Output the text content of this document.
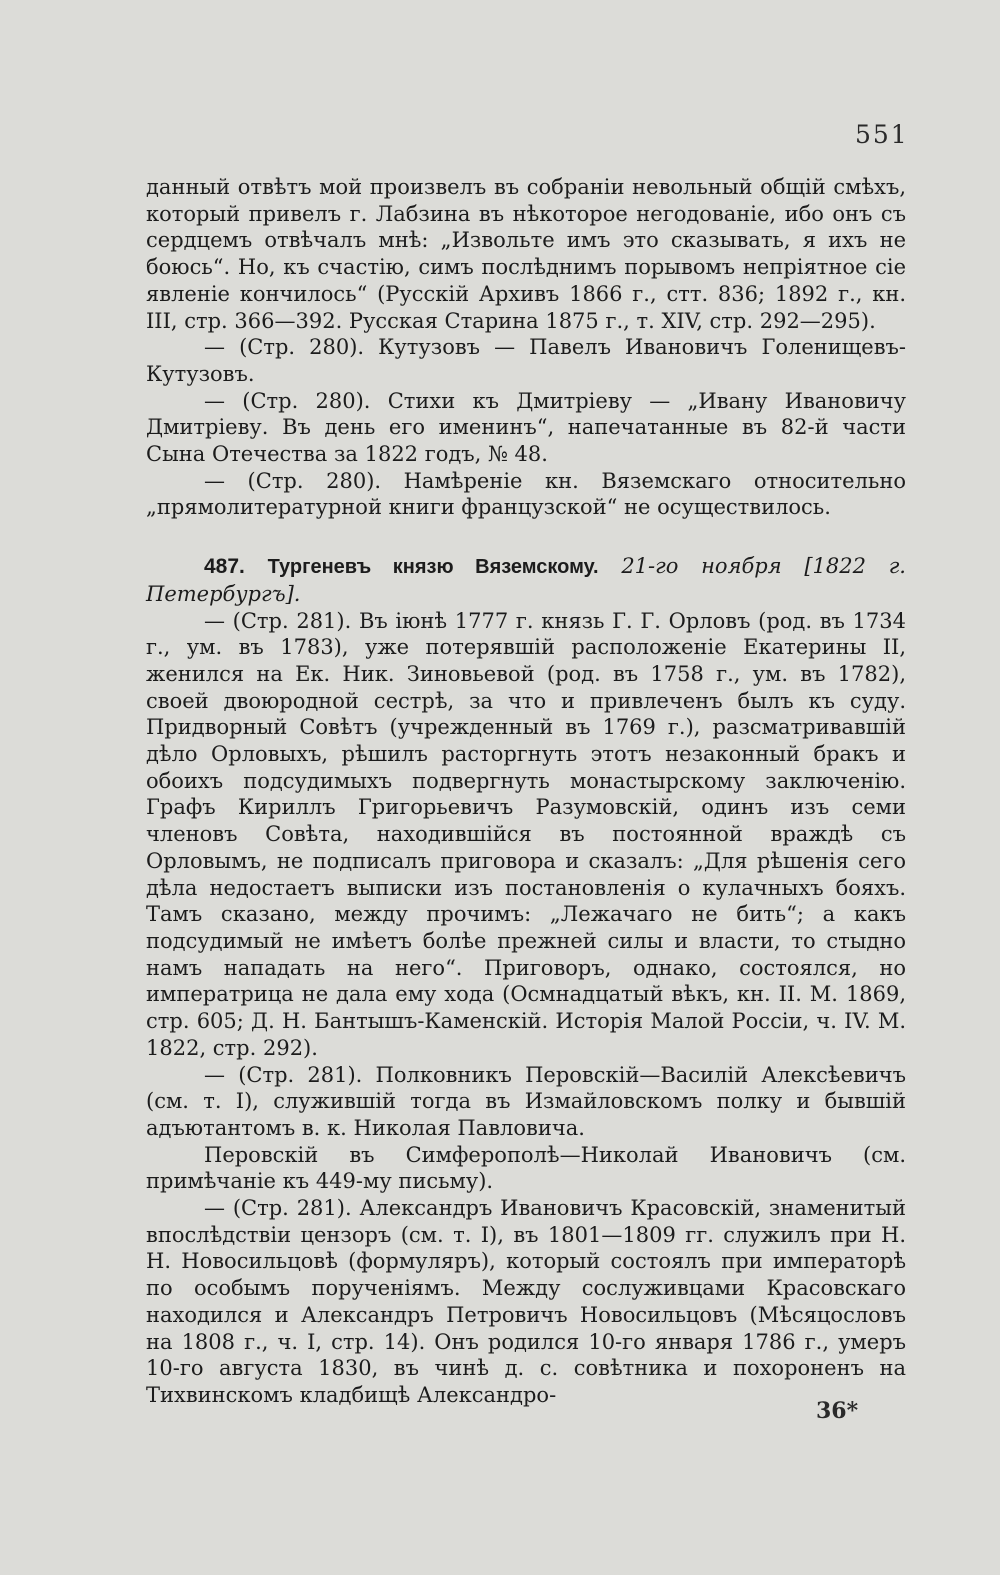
551

данный отвѣтъ мой произвелъ въ собраніи невольный общій смѣхъ, который привелъ г. Лабзина въ нѣкоторое негодованіе, ибо онъ съ сердцемъ отвѣчалъ мнѣ: „Извольте имъ это сказывать, я ихъ не боюсь“. Но, къ счастію, симъ послѣднимъ порывомъ непріятное сіе явленіе кончилось“ (Русскій Архивъ 1866 г., стт. 836; 1892 г., кн. III, стр. 366—392. Русская Старина 1875 г., т. XIV, стр. 292—295).

— (Стр. 280). Кутузовъ — Павелъ Ивановичъ Голенищевъ-Кутузовъ.

— (Стр. 280). Стихи къ Дмитріеву — „Ивану Ивановичу Дмитріеву. Въ день его именинъ“, напечатанные въ 82-й части Сына Отечества за 1822 годъ, № 48.

— (Стр. 280). Намѣреніе кн. Вяземскаго относительно „прямолитературной книги французской“ не осуществилось.

487. Тургеневъ князю Вяземскому. 21-го ноября [1822 г. Петербургъ].

— (Стр. 281). Въ іюнѣ 1777 г. князь Г. Г. Орловъ (род. въ 1734 г., ум. въ 1783), уже потерявшій расположеніе Екатерины II, женился на Ек. Ник. Зиновьевой (род. въ 1758 г., ум. въ 1782), своей двоюродной сестрѣ, за что и привлеченъ былъ къ суду. Придворный Совѣтъ (учрежденный въ 1769 г.), разсматривавшій дѣло Орловыхъ, рѣшилъ расторгнуть этотъ незаконный бракъ и обоихъ подсудимыхъ подвергнуть монастырскому заключенію. Графъ Кириллъ Григорьевичъ Разумовскій, одинъ изъ семи членовъ Совѣта, находившійся въ постоянной враждѣ съ Орловымъ, не подписалъ приговора и сказалъ: „Для рѣшенія сего дѣла недостаетъ выписки изъ постановленія о кулачныхъ бояхъ. Тамъ сказано, между прочимъ: „Лежачаго не бить“; а какъ подсудимый не имѣетъ болѣе прежней силы и власти, то стыдно намъ нападать на него“. Приговоръ, однако, состоялся, но императрица не дала ему хода (Осмнадцатый вѣкъ, кн. II. М. 1869, стр. 605; Д. Н. Бантышъ-Каменскій. Исторія Малой Россіи, ч. IV. М. 1822, стр. 292).

— (Стр. 281). Полковникъ Перовскій—Василій Алексѣевичъ (см. т. I), служившій тогда въ Измайловскомъ полку и бывшій адъютантомъ в. к. Николая Павловича.

Перовскій въ Симферополѣ—Николай Ивановичъ (см. примѣчаніе къ 449-му письму).

— (Стр. 281). Александръ Ивановичъ Красовскій, знаменитый впослѣдствіи цензоръ (см. т. I), въ 1801—1809 гг. служилъ при Н. Н. Новосильцовѣ (формуляръ), который состоялъ при императорѣ по особымъ порученіямъ. Между сослуживцами Красовскаго находился и Александръ Петровичъ Новосильцовъ (Мѣсяцословъ на 1808 г., ч. I, стр. 14). Онъ родился 10-го января 1786 г., умеръ 10-го августа 1830, въ чинѣ д. с. совѣтника и похороненъ на Тихвинскомъ кладбищѣ Александро-

36*
